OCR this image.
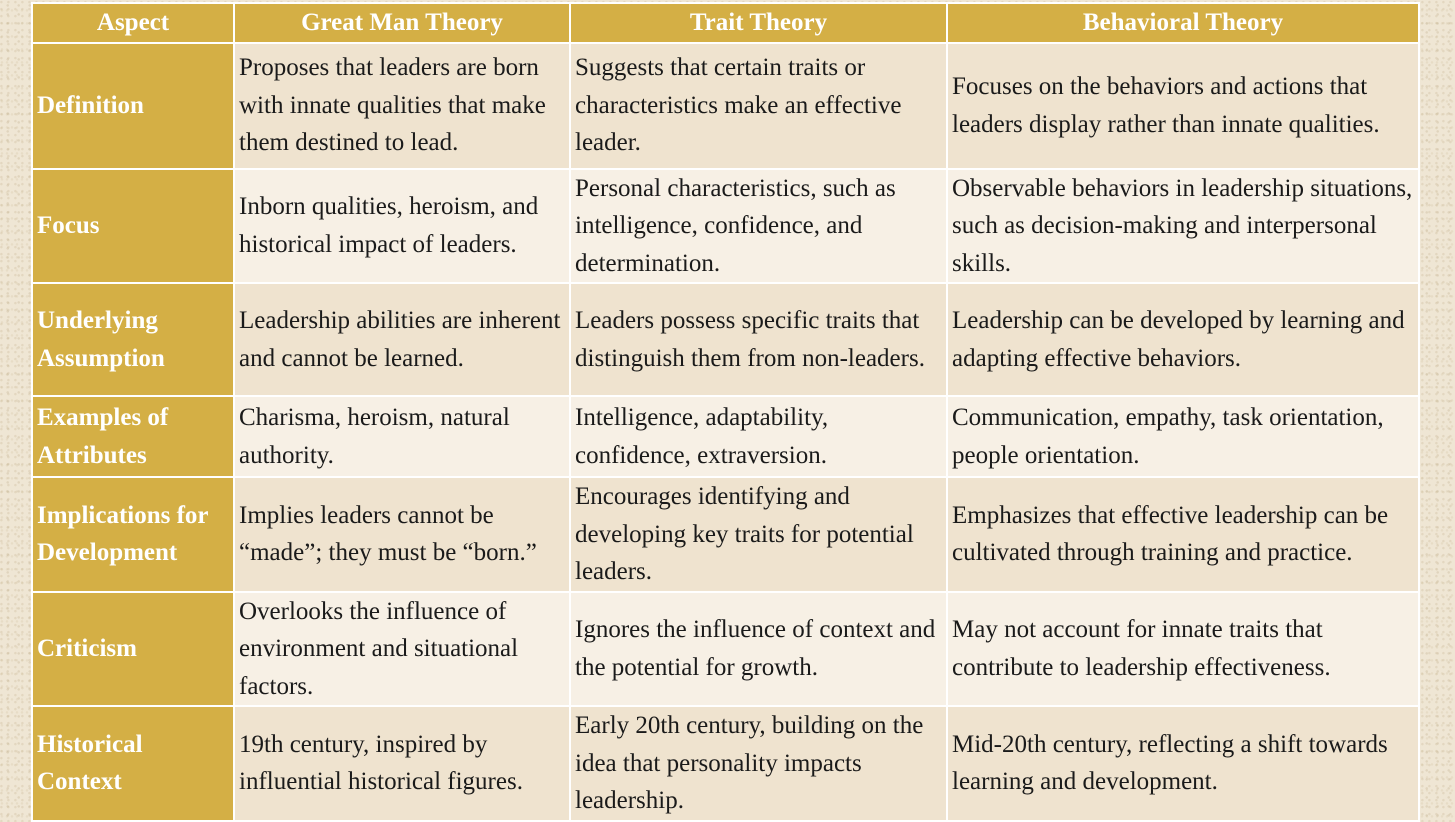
Aspect	Great Man Theory	Trait Theory	Behavioral Theory
Definition	Proposes that leaders are born with innate qualities that make them destined to lead.	Suggests that certain traits or characteristics make an effective leader.	Focuses on the behaviors and actions that leaders display rather than innate qualities.
Focus	Inborn qualities, heroism, and historical impact of leaders.	Personal characteristics, such as intelligence, confidence, and determination.	Observable behaviors in leadership situations, such as decision-making and interpersonal skills.
Underlying Assumption	Leadership abilities are inherent and cannot be learned.	Leaders possess specific traits that distinguish them from non-leaders.	Leadership can be developed by learning and adapting effective behaviors.
Examples of Attributes	Charisma, heroism, natural authority.	Intelligence, adaptability, confidence, extraversion.	Communication, empathy, task orientation, people orientation.
Implications for Development	Implies leaders cannot be “made”; they must be “born.”	Encourages identifying and developing key traits for potential leaders.	Emphasizes that effective leadership can be cultivated through training and practice.
Criticism	Overlooks the influence of environment and situational factors.	Ignores the influence of context and the potential for growth.	May not account for innate traits that contribute to leadership effectiveness.
Historical Context	19th century, inspired by influential historical figures.	Early 20th century, building on the idea that personality impacts leadership.	Mid-20th century, reflecting a shift towards learning and development.
